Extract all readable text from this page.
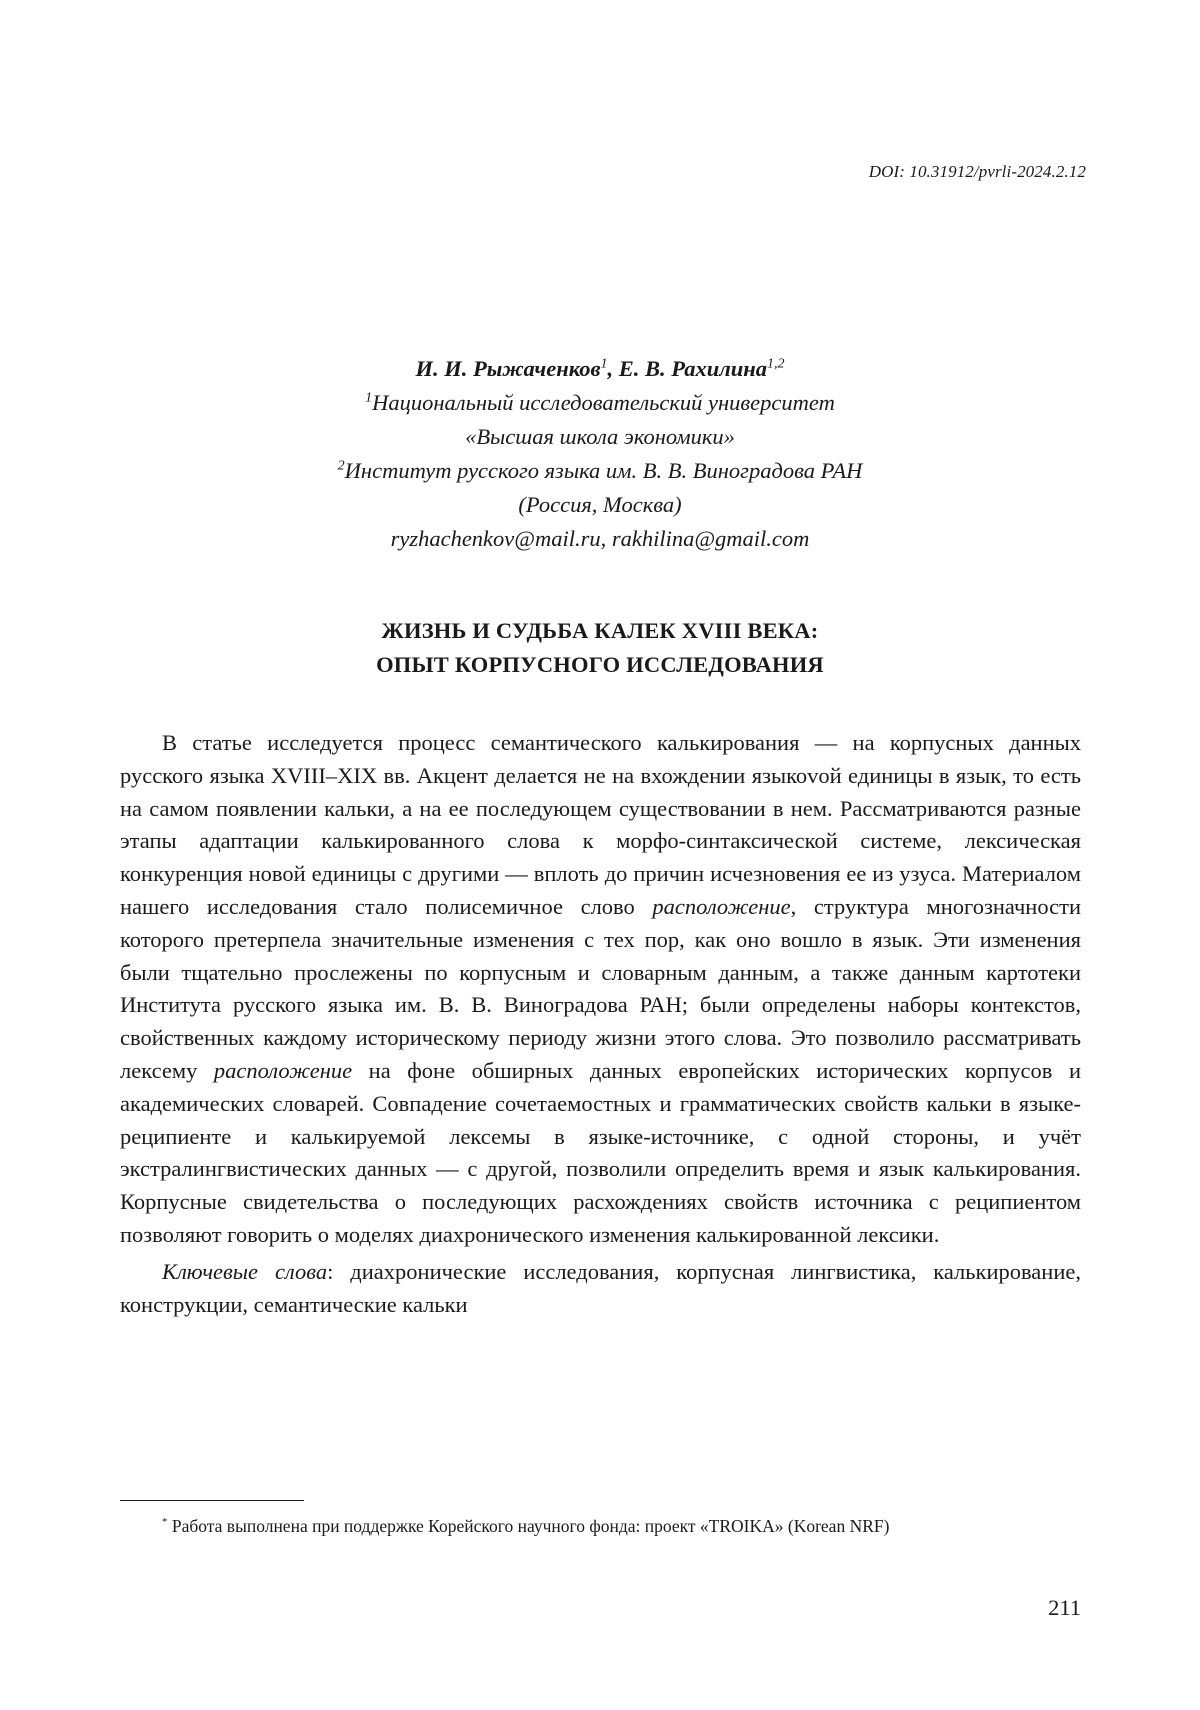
DOI: 10.31912/pvrli-2024.2.12
И. И. Рыжаченков$^1$, Е. В. Рахилина$^{1,2}$
$^1$Национальный исследовательский университет
«Высшая школа экономики»
$^2$Институт русского языка им. В. В. Виноградова РАН
(Россия, Москва)
ryzhachenkov@mail.ru, rakhilina@gmail.com
ЖИЗНЬ И СУДЬБА КАЛЕК XVIII ВЕКА:
ОПЫТ КОРПУСНОГО ИССЛЕДОВАНИЯ

В статье исследуется процесс семантического калькирования — на корпусных данных русского языка XVIII–XIX вв. Акцент делается не на вхождении языкоvой единицы в язык, то есть на самом появлении кальки, а на ее последующем существовании в нем. Рассматриваются разные этапы адаптации калькированного слова к морфо-синтаксической системе, лексическая конкуренция новой единицы с другими — вплоть до причин исчезновения ее из узуса. Материалом нашего исследования стало полисемичное слово расположение, структура многозначности которого претерпела значительные изменения с тех пор, как оно вошло в язык. Эти изменения были тщательно прослежены по корпусным и словарным данным, а также данным картотеки Института русского языка им. В. В. Виноградова РАН; были определены наборы контекстов, свойственных каждому историческому периоду жизни этого слова. Это позволило рассматривать лексему расположение на фоне обширных данных европейских исторических корпусов и академических словарей. Совпадение сочетаемостных и грамматических свойств кальки в языке-реципиенте и калькируемой лексемы в языке-источнике, с одной стороны, и учёт экстралингвистических данных — с другой, позволили определить время и язык калькирования. Корпусные свидетельства о последующих расхождениях свойств источника с реципиентом позволяют говорить о моделях диахронического изменения калькированной лексики.

Ключевые слова: диахронические исследования, корпусная лингвистика, калькирование, конструкции, семантические кальки

* Работа выполнена при поддержке Корейского научного фонда: проект «TROIKA» (Korean NRF)
211
